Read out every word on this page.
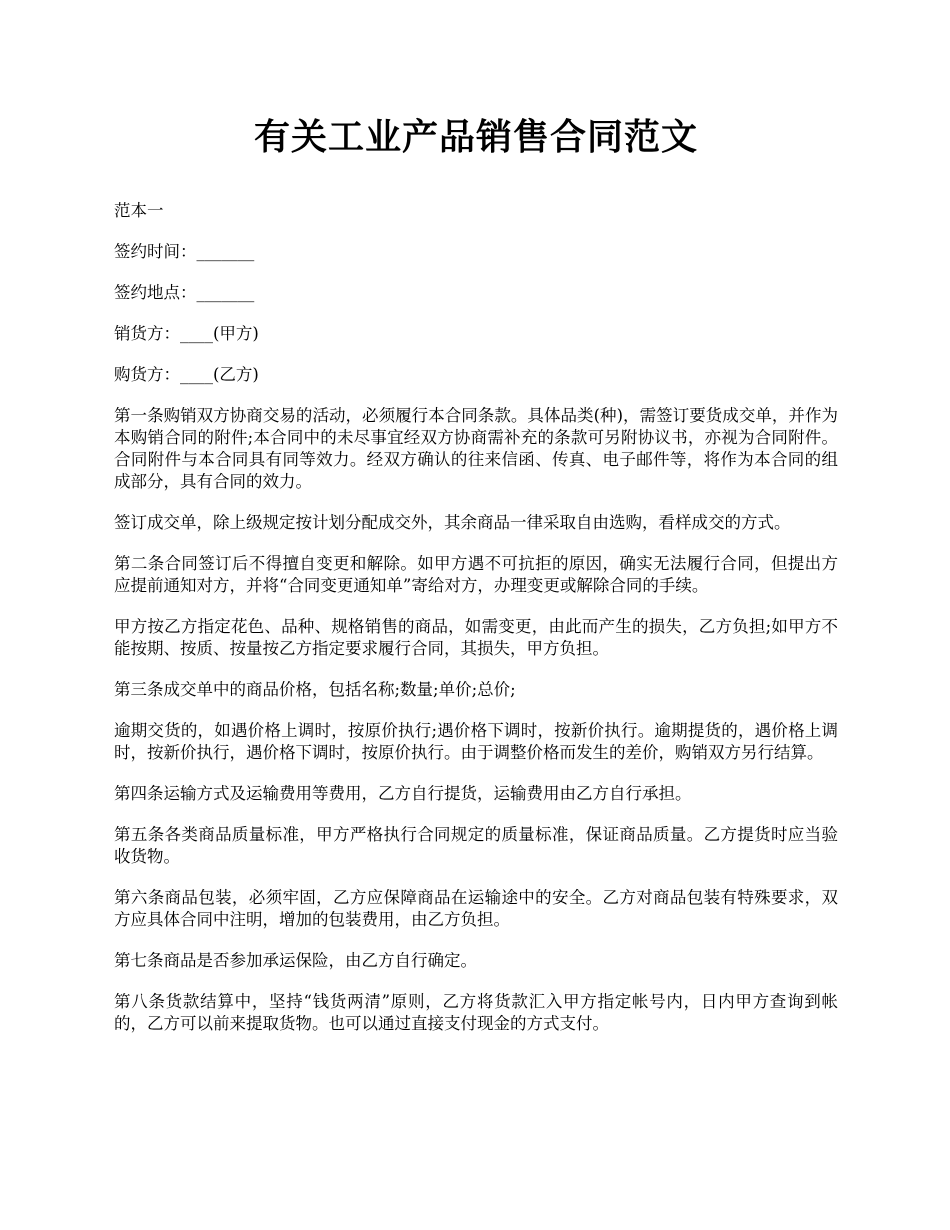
有关工业产品销售合同范文

范本一

签约时间：_______

签约地点：_______

销货方：____(甲方)

购货方：____(乙方)

第一条购销双方协商交易的活动，必须履行本合同条款。具体品类(种)，需签订要货成交单，并作为本购销合同的附件;本合同中的未尽事宜经双方协商需补充的条款可另附协议书，亦视为合同附件。合同附件与本合同具有同等效力。经双方确认的往来信函、传真、电子邮件等，将作为本合同的组成部分，具有合同的效力。

签订成交单，除上级规定按计划分配成交外，其余商品一律采取自由选购，看样成交的方式。

第二条合同签订后不得擅自变更和解除。如甲方遇不可抗拒的原因，确实无法履行合同，但提出方应提前通知对方，并将“合同变更通知单”寄给对方，办理变更或解除合同的手续。

甲方按乙方指定花色、品种、规格销售的商品，如需变更，由此而产生的损失，乙方负担;如甲方不能按期、按质、按量按乙方指定要求履行合同，其损失，甲方负担。

第三条成交单中的商品价格，包括名称;数量;单价;总价;

逾期交货的，如遇价格上调时，按原价执行;遇价格下调时，按新价执行。逾期提货的，遇价格上调时，按新价执行，遇价格下调时，按原价执行。由于调整价格而发生的差价，购销双方另行结算。

第四条运输方式及运输费用等费用，乙方自行提货，运输费用由乙方自行承担。

第五条各类商品质量标准，甲方严格执行合同规定的质量标准，保证商品质量。乙方提货时应当验收货物。

第六条商品包装，必须牢固，乙方应保障商品在运输途中的安全。乙方对商品包装有特殊要求，双方应具体合同中注明，增加的包装费用，由乙方负担。

第七条商品是否参加承运保险，由乙方自行确定。

第八条货款结算中，坚持“钱货两清”原则，乙方将货款汇入甲方指定帐号内，日内甲方查询到帐的，乙方可以前来提取货物。也可以通过直接支付现金的方式支付。
